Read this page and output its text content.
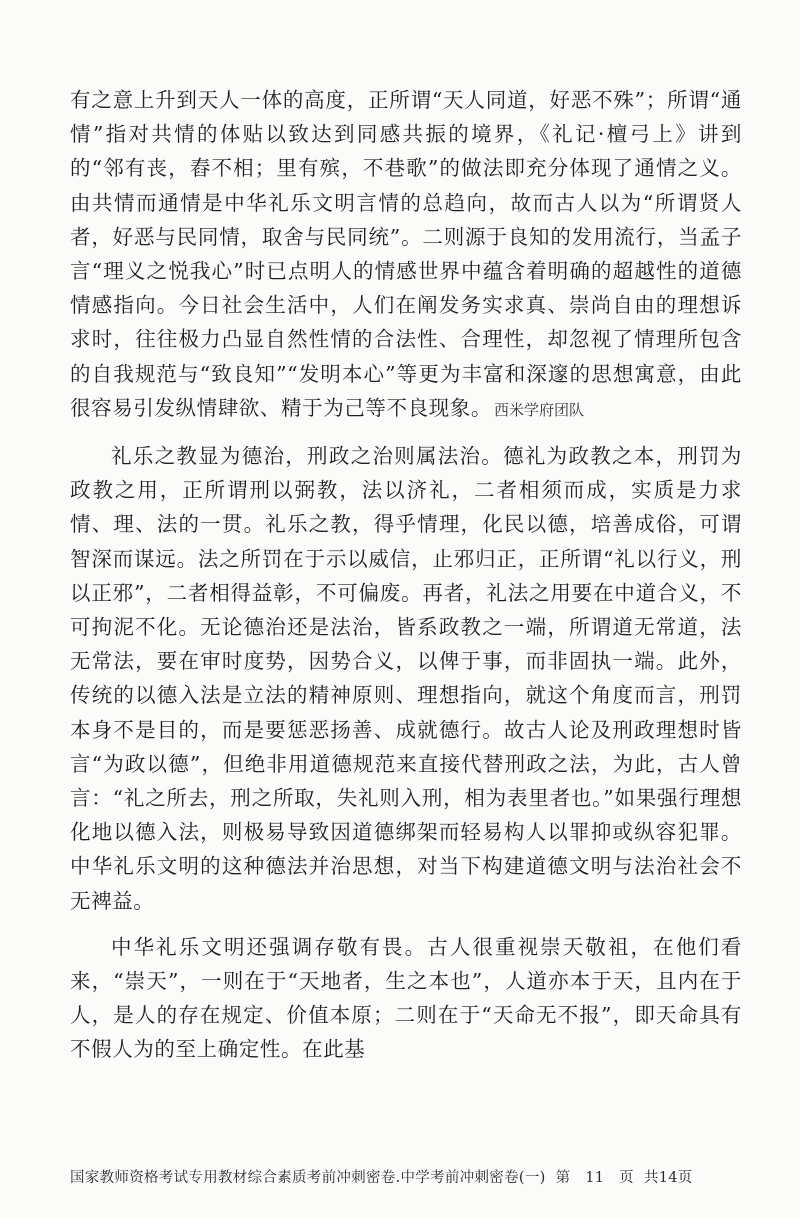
有之意上升到天人一体的高度，正所谓“天人同道，好恶不殊”；所谓“通情”指对共情的体贴以致达到同感共振的境界，《礼记·檀弓上》讲到的“邻有丧，舂不相；里有殡，不巷歌”的做法即充分体现了通情之义。由共情而通情是中华礼乐文明言情的总趋向，故而古人以为“所谓贤人者，好恶与民同情，取舍与民同统”。二则源于良知的发用流行，当孟子言“理义之悦我心”时已点明人的情感世界中蕴含着明确的超越性的道德情感指向。今日社会生活中，人们在阐发务实求真、崇尚自由的理想诉求时，往往极力凸显自然性情的合法性、合理性，却忽视了情理所包含的自我规范与“致良知”“发明本心”等更为丰富和深邃的思想寓意，由此很容易引发纵情肆欲、精于为己等不良现象。 西米学府团队

礼乐之教显为德治，刑政之治则属法治。德礼为政教之本，刑罚为政教之用，正所谓刑以弼教，法以济礼，二者相须而成，实质是力求情、理、法的一贯。礼乐之教，得乎情理，化民以德，培善成俗，可谓智深而谋远。法之所罚在于示以威信，止邪归正，正所谓“礼以行义，刑以正邪”，二者相得益彰，不可偏废。再者，礼法之用要在中道合义，不可拘泥不化。无论德治还是法治，皆系政教之一端，所谓道无常道，法无常法，要在审时度势，因势合义，以俾于事，而非固执一端。此外，传统的以德入法是立法的精神原则、理想指向，就这个角度而言，刑罚本身不是目的，而是要惩恶扬善、成就德行。故古人论及刑政理想时皆言“为政以德”，但绝非用道德规范来直接代替刑政之法，为此，古人曾言：“礼之所去，刑之所取，失礼则入刑，相为表里者也。”如果强行理想化地以德入法，则极易导致因道德绑架而轻易构人以罪抑或纵容犯罪。中华礼乐文明的这种德法并治思想，对当下构建道德文明与法治社会不无裨益。

中华礼乐文明还强调存敬有畏。古人很重视崇天敬祖，在他们看来，“崇天”，一则在于“天地者，生之本也”，人道亦本于天，且内在于人，是人的存在规定、价值本原；二则在于“天命无不报”，即天命具有不假人为的至上确定性。在此基

国家教师资格考试专用教材综合素质考前冲刺密卷.中学考前冲刺密卷(一) 第　11　页 共14页
